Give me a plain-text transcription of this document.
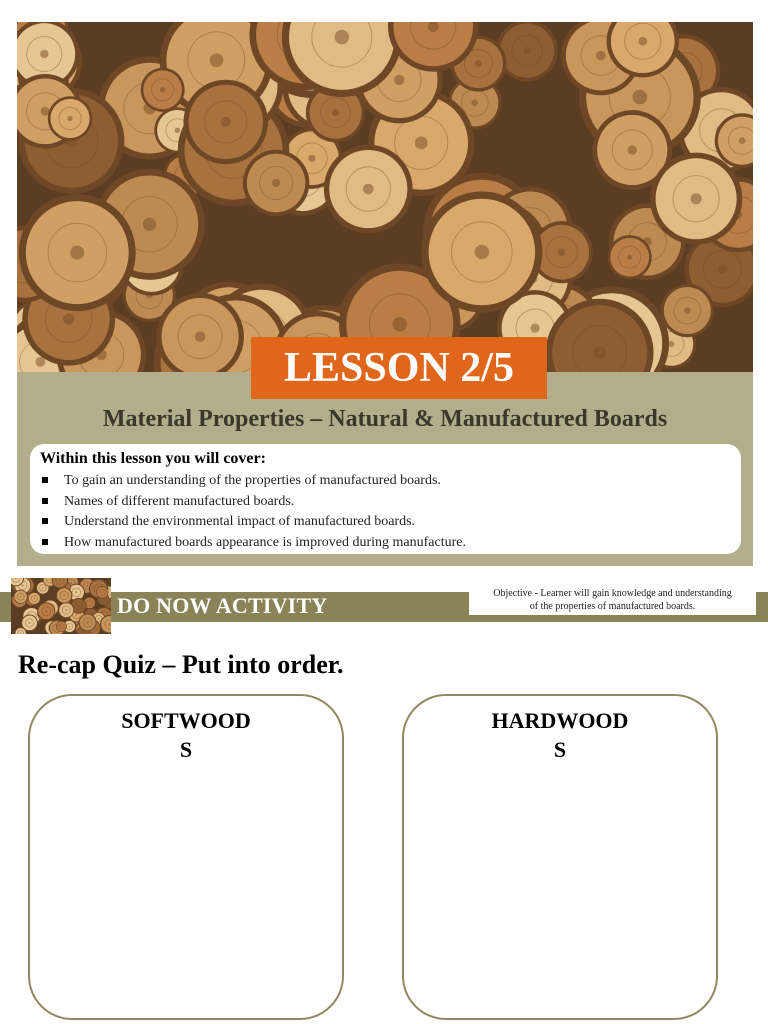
LESSON 2/5
Material Properties – Natural & Manufactured Boards
Within this lesson you will cover:
To gain an understanding of the properties of manufactured boards.
Names of different manufactured boards.
Understand the environmental impact of manufactured boards.
How manufactured boards appearance is improved during manufacture.
DO NOW ACTIVITY	Objective - Learner will gain knowledge and understanding
of the properties of manufactured boards.
Re-cap Quiz – Put into order.
SOFTWOOD
S
HARDWOOD
S
